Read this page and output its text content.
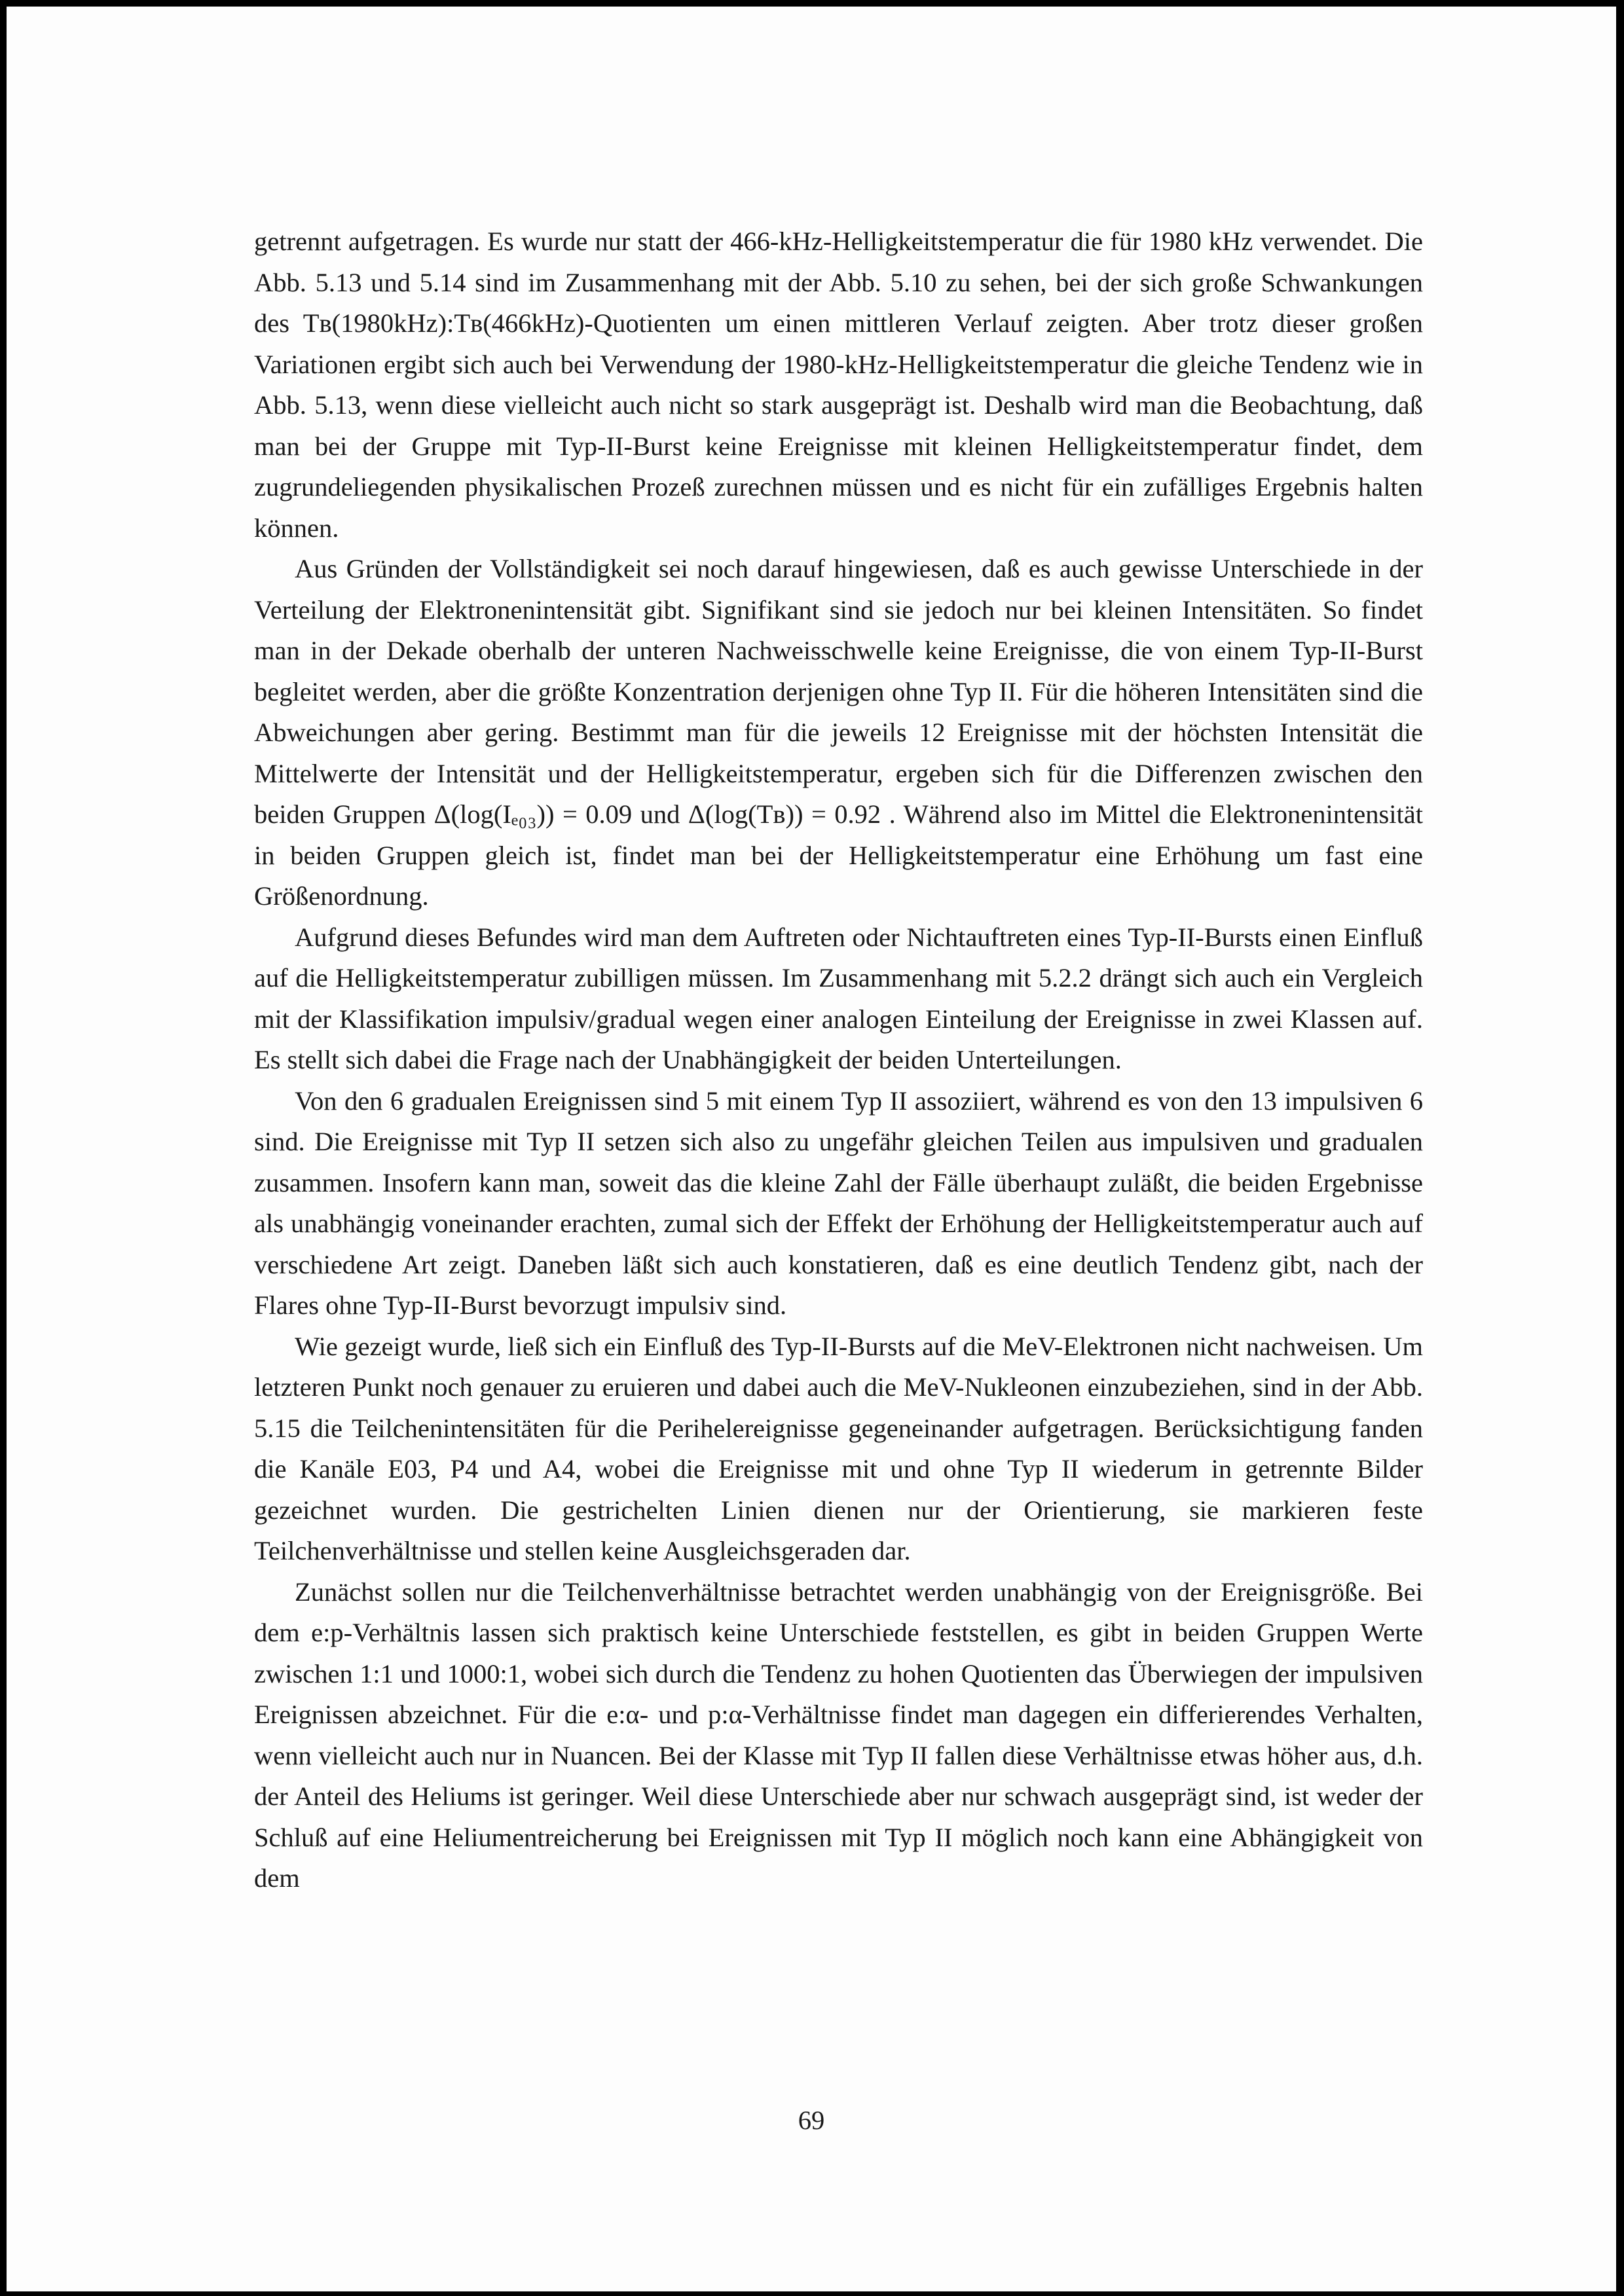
getrennt aufgetragen. Es wurde nur statt der 466-kHz-Helligkeitstemperatur die für 1980 kHz verwendet. Die Abb. 5.13 und 5.14 sind im Zusammenhang mit der Abb. 5.10 zu sehen, bei der sich große Schwankungen des Tʙ(1980kHz):Tʙ(466kHz)-Quotienten um einen mittleren Verlauf zeigten. Aber trotz dieser großen Variationen ergibt sich auch bei Verwendung der 1980-kHz-Helligkeitstemperatur die gleiche Tendenz wie in Abb. 5.13, wenn diese vielleicht auch nicht so stark ausgeprägt ist. Deshalb wird man die Beobachtung, daß man bei der Gruppe mit Typ-II-Burst keine Ereignisse mit kleinen Helligkeitstemperatur findet, dem zugrundeliegenden physikalischen Prozeß zurechnen müssen und es nicht für ein zufälliges Ergebnis halten können.

Aus Gründen der Vollständigkeit sei noch darauf hingewiesen, daß es auch gewisse Unterschiede in der Verteilung der Elektronenintensität gibt. Signifikant sind sie jedoch nur bei kleinen Intensitäten. So findet man in der Dekade oberhalb der unteren Nachweisschwelle keine Ereignisse, die von einem Typ-II-Burst begleitet werden, aber die größte Konzentration derjenigen ohne Typ II. Für die höheren Intensitäten sind die Abweichungen aber gering. Bestimmt man für die jeweils 12 Ereignisse mit der höchsten Intensität die Mittelwerte der Intensität und der Helligkeitstemperatur, ergeben sich für die Differenzen zwischen den beiden Gruppen Δ(log(Iₑ₀₃)) = 0.09 und Δ(log(Tʙ)) = 0.92 . Während also im Mittel die Elektronenintensität in beiden Gruppen gleich ist, findet man bei der Helligkeitstemperatur eine Erhöhung um fast eine Größenordnung.

Aufgrund dieses Befundes wird man dem Auftreten oder Nichtauftreten eines Typ-II-Bursts einen Einfluß auf die Helligkeitstemperatur zubilligen müssen. Im Zusammenhang mit 5.2.2 drängt sich auch ein Vergleich mit der Klassifikation impulsiv/gradual wegen einer analogen Einteilung der Ereignisse in zwei Klassen auf. Es stellt sich dabei die Frage nach der Unabhängigkeit der beiden Unterteilungen.

Von den 6 gradualen Ereignissen sind 5 mit einem Typ II assoziiert, während es von den 13 impulsiven 6 sind. Die Ereignisse mit Typ II setzen sich also zu ungefähr gleichen Teilen aus impulsiven und gradualen zusammen. Insofern kann man, soweit das die kleine Zahl der Fälle überhaupt zuläßt, die beiden Ergebnisse als unabhängig voneinander erachten, zumal sich der Effekt der Erhöhung der Helligkeitstemperatur auch auf verschiedene Art zeigt. Daneben läßt sich auch konstatieren, daß es eine deutlich Tendenz gibt, nach der Flares ohne Typ-II-Burst bevorzugt impulsiv sind.

Wie gezeigt wurde, ließ sich ein Einfluß des Typ-II-Bursts auf die MeV-Elektronen nicht nachweisen. Um letzteren Punkt noch genauer zu eruieren und dabei auch die MeV-Nukleonen einzubeziehen, sind in der Abb. 5.15 die Teilchenintensitäten für die Perihelereignisse gegeneinander aufgetragen. Berücksichtigung fanden die Kanäle E03, P4 und A4, wobei die Ereignisse mit und ohne Typ II wiederum in getrennte Bilder gezeichnet wurden. Die gestrichelten Linien dienen nur der Orientierung, sie markieren feste Teilchenverhältnisse und stellen keine Ausgleichsgeraden dar.

Zunächst sollen nur die Teilchenverhältnisse betrachtet werden unabhängig von der Ereignisgröße. Bei dem e:p-Verhältnis lassen sich praktisch keine Unterschiede feststellen, es gibt in beiden Gruppen Werte zwischen 1:1 und 1000:1, wobei sich durch die Tendenz zu hohen Quotienten das Überwiegen der impulsiven Ereignissen abzeichnet. Für die e:α- und p:α-Verhältnisse findet man dagegen ein differierendes Verhalten, wenn vielleicht auch nur in Nuancen. Bei der Klasse mit Typ II fallen diese Verhältnisse etwas höher aus, d.h. der Anteil des Heliums ist geringer. Weil diese Unterschiede aber nur schwach ausgeprägt sind, ist weder der Schluß auf eine Heliumentreicherung bei Ereignissen mit Typ II möglich noch kann eine Abhängigkeit von dem

69
